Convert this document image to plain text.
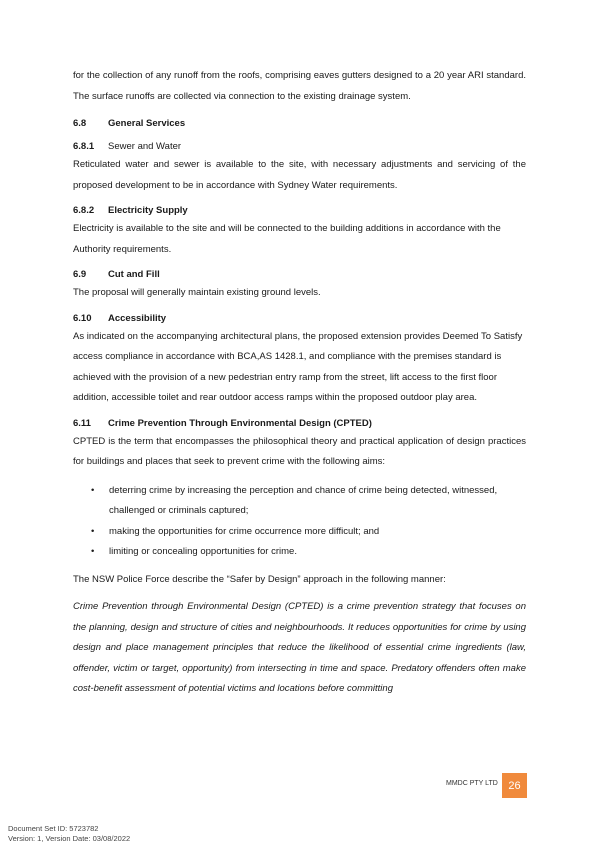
for the collection of any runoff from the roofs, comprising eaves gutters designed to a 20 year ARI standard. The surface runoffs are collected via connection to the existing drainage system.

6.8 General Services
6.8.1 Sewer and Water

Reticulated water and sewer is available to the site, with necessary adjustments and servicing of the proposed development to be in accordance with Sydney Water requirements.

6.8.2 Electricity Supply

Electricity is available to the site and will be connected to the building additions in accordance with the Authority requirements.

6.9 Cut and Fill

The proposal will generally maintain existing ground levels.

6.10 Accessibility

As indicated on the accompanying architectural plans, the proposed extension provides Deemed To Satisfy access compliance in accordance with BCA,AS 1428.1, and compliance with the premises standard is achieved with the provision of a new pedestrian entry ramp from the street, lift access to the first floor addition, accessible toilet and rear outdoor access ramps within the proposed outdoor play area.

6.11 Crime Prevention Through Environmental Design (CPTED)

CPTED is the term that encompasses the philosophical theory and practical application of design practices for buildings and places that seek to prevent crime with the following aims:

• deterring crime by increasing the perception and chance of crime being detected, witnessed, challenged or criminals captured;
• making the opportunities for crime occurrence more difficult; and
• limiting or concealing opportunities for crime.

The NSW Police Force describe the “Safer by Design” approach in the following manner:

Crime Prevention through Environmental Design (CPTED) is a crime prevention strategy that focuses on the planning, design and structure of cities and neighbourhoods. It reduces opportunities for crime by using design and place management principles that reduce the likelihood of essential crime ingredients (law, offender, victim or target, opportunity) from intersecting in time and space. Predatory offenders often make cost-benefit assessment of potential victims and locations before committing

MMDC PTY LTD 26
Document Set ID: 5723782
Version: 1, Version Date: 03/08/2022
